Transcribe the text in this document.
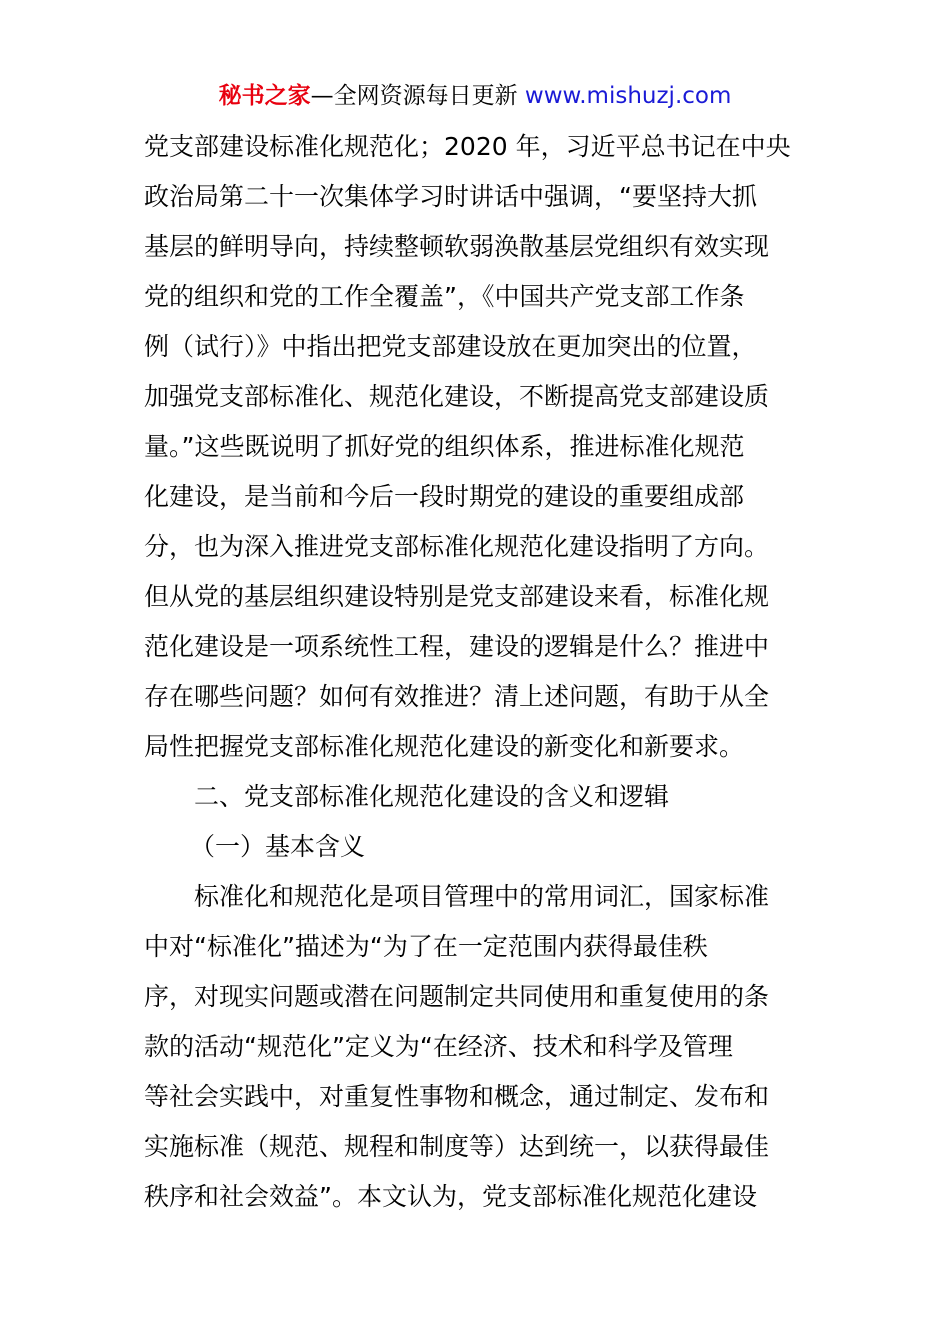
秘书之家—全网资源每日更新 www.mishuzj.com
党支部建设标准化规范化；2020 年，习近平总书记在中央
政治局第二十一次集体学习时讲话中强调，“要坚持大抓
基层的鲜明导向，持续整顿软弱涣散基层党组织有效实现
党的组织和党的工作全覆盖”，《中国共产党支部工作条
例（试行）》中指出把党支部建设放在更加突出的位置，
加强党支部标准化、规范化建设，不断提高党支部建设质
量。”这些既说明了抓好党的组织体系，推进标准化规范
化建设，是当前和今后一段时期党的建设的重要组成部
分，也为深入推进党支部标准化规范化建设指明了方向。
但从党的基层组织建设特别是党支部建设来看，标准化规
范化建设是一项系统性工程，建设的逻辑是什么？推进中
存在哪些问题？如何有效推进？清上述问题，有助于从全
局性把握党支部标准化规范化建设的新变化和新要求。
二、党支部标准化规范化建设的含义和逻辑
（一）基本含义
标准化和规范化是项目管理中的常用词汇，国家标准
中对“标准化”描述为“为了在一定范围内获得最佳秩
序，对现实问题或潜在问题制定共同使用和重复使用的条
款的活动“规范化”定义为“在经济、技术和科学及管理
等社会实践中，对重复性事物和概念，通过制定、发布和
实施标准（规范、规程和制度等）达到统一，以获得最佳
秩序和社会效益”。本文认为，党支部标准化规范化建设
